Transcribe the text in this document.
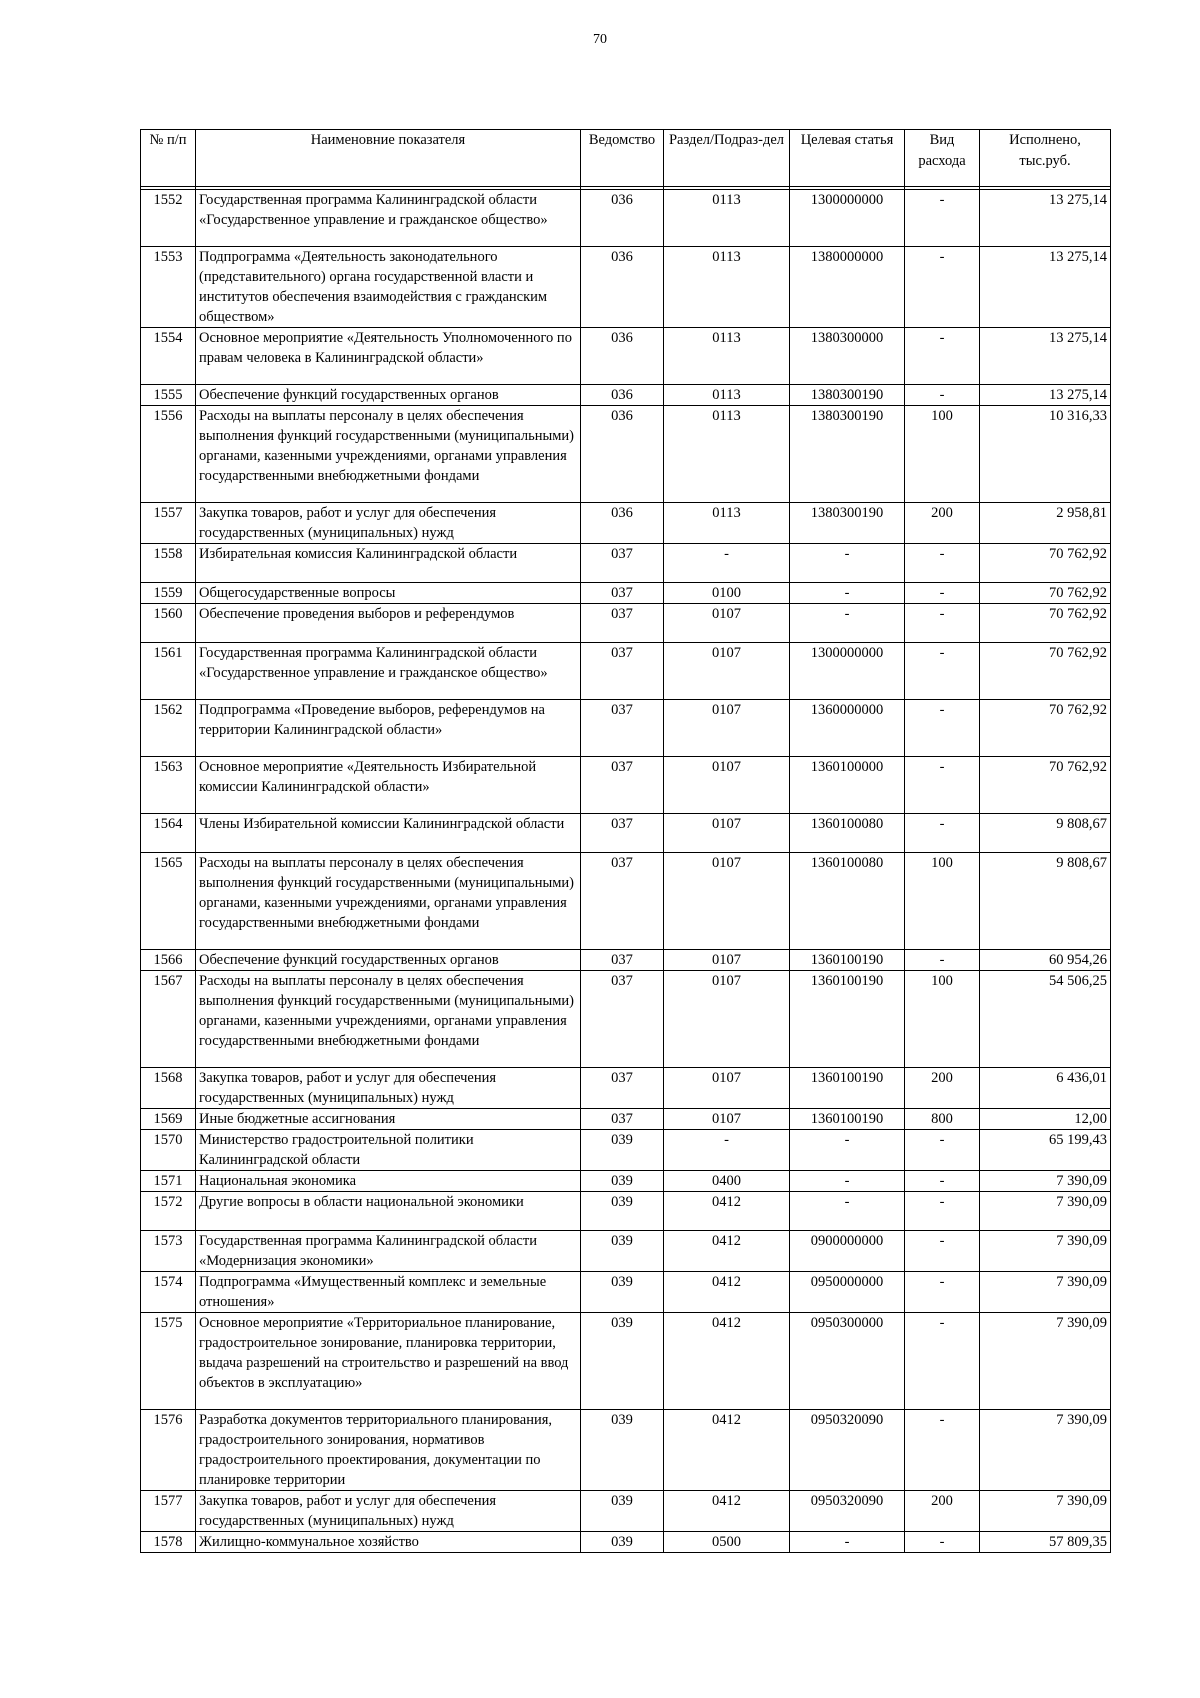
70
№ п/п	Наименовние показателя	Ведомство	Раздел/Подраз-дел	Целевая статья	Вид расхода	Исполнено, тыс.руб.

1552	Государственная программа Калининградской области «Государственное управление и гражданское общество»	036	0113	1300000000	-	13 275,14
1553	Подпрограмма «Деятельность законодательного (представительного) органа государственной власти и институтов обеспечения взаимодействия с гражданским обществом»	036	0113	1380000000	-	13 275,14
1554	Основное мероприятие «Деятельность Уполномоченного по правам человека в Калининградской области»	036	0113	1380300000	-	13 275,14
1555	Обеспечение функций государственных органов	036	0113	1380300190	-	13 275,14
1556	Расходы на выплаты персоналу в целях обеспечения выполнения функций государственными (муниципальными) органами, казенными учреждениями, органами управления государственными внебюджетными фондами	036	0113	1380300190	100	10 316,33
1557	Закупка товаров, работ и услуг для обеспечения государственных (муниципальных) нужд	036	0113	1380300190	200	2 958,81
1558	Избирательная комиссия Калининградской области	037	-	-	-	70 762,92
1559	Общегосударственные вопросы	037	0100	-	-	70 762,92
1560	Обеспечение проведения выборов и референдумов	037	0107	-	-	70 762,92
1561	Государственная программа Калининградской области «Государственное управление и гражданское общество»	037	0107	1300000000	-	70 762,92
1562	Подпрограмма «Проведение выборов, референдумов на территории Калининградской области»	037	0107	1360000000	-	70 762,92
1563	Основное мероприятие «Деятельность Избирательной комиссии Калининградской области»	037	0107	1360100000	-	70 762,92
1564	Члены Избирательной комиссии Калининградской области	037	0107	1360100080	-	9 808,67
1565	Расходы на выплаты персоналу в целях обеспечения выполнения функций государственными (муниципальными) органами, казенными учреждениями, органами управления государственными внебюджетными фондами	037	0107	1360100080	100	9 808,67
1566	Обеспечение функций государственных органов	037	0107	1360100190	-	60 954,26
1567	Расходы на выплаты персоналу в целях обеспечения выполнения функций государственными (муниципальными) органами, казенными учреждениями, органами управления государственными внебюджетными фондами	037	0107	1360100190	100	54 506,25
1568	Закупка товаров, работ и услуг для обеспечения государственных (муниципальных) нужд	037	0107	1360100190	200	6 436,01
1569	Иные бюджетные ассигнования	037	0107	1360100190	800	12,00
1570	Министерство градостроительной политики Калининградской области	039	-	-	-	65 199,43
1571	Национальная экономика	039	0400	-	-	7 390,09
1572	Другие вопросы в области национальной экономики	039	0412	-	-	7 390,09
1573	Государственная программа Калининградской области «Модернизация экономики»	039	0412	0900000000	-	7 390,09
1574	Подпрограмма «Имущественный комплекс и земельные отношения»	039	0412	0950000000	-	7 390,09
1575	Основное мероприятие «Территориальное планирование, градостроительное зонирование, планировка территории, выдача разрешений на строительство и разрешений на ввод объектов в эксплуатацию»	039	0412	0950300000	-	7 390,09
1576	Разработка документов территориального планирования, градостроительного зонирования, нормативов градостроительного проектирования, документации по планировке территории	039	0412	0950320090	-	7 390,09
1577	Закупка товаров, работ и услуг для обеспечения государственных (муниципальных) нужд	039	0412	0950320090	200	7 390,09
1578	Жилищно-коммунальное хозяйство	039	0500	-	-	57 809,35
